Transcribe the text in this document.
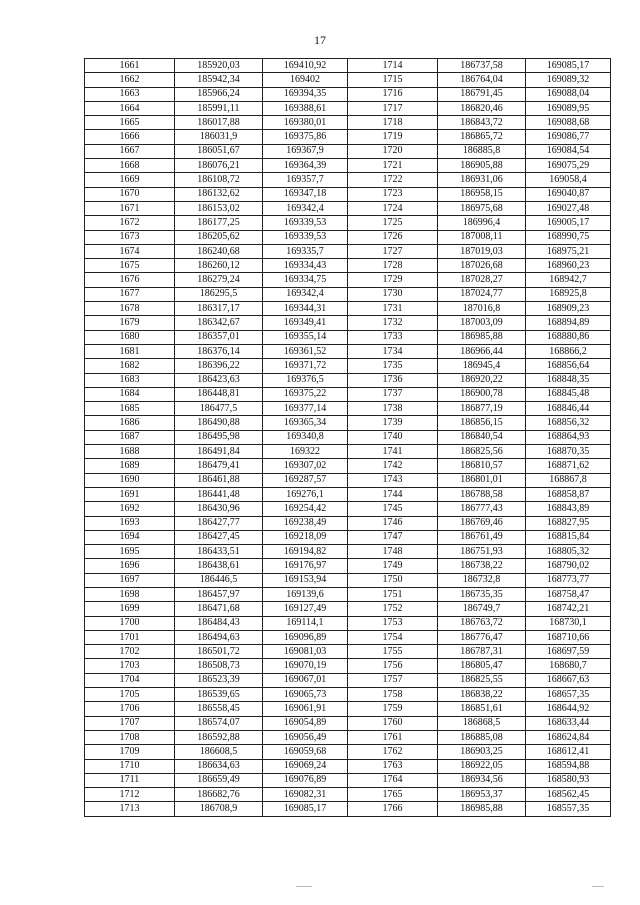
17
1661	185920,03	169410,92	1714	186737,58	169085,17
1662	185942,34	169402	1715	186764,04	169089,32
1663	185966,24	169394,35	1716	186791,45	169088,04
1664	185991,11	169388,61	1717	186820,46	169089,95
1665	186017,88	169380,01	1718	186843,72	169088,68
1666	186031,9	169375,86	1719	186865,72	169086,77
1667	186051,67	169367,9	1720	186885,8	169084,54
1668	186076,21	169364,39	1721	186905,88	169075,29
1669	186108,72	169357,7	1722	186931,06	169058,4
1670	186132,62	169347,18	1723	186958,15	169040,87
1671	186153,02	169342,4	1724	186975,68	169027,48
1672	186177,25	169339,53	1725	186996,4	169005,17
1673	186205,62	169339,53	1726	187008,11	168990,75
1674	186240,68	169335,7	1727	187019,03	168975,21
1675	186260,12	169334,43	1728	187026,68	168960,23
1676	186279,24	169334,75	1729	187028,27	168942,7
1677	186295,5	169342,4	1730	187024,77	168925,8
1678	186317,17	169344,31	1731	187016,8	168909,23
1679	186342,67	169349,41	1732	187003,09	168894,89
1680	186357,01	169355,14	1733	186985,88	168880,86
1681	186376,14	169361,52	1734	186966,44	168866,2
1682	186396,22	169371,72	1735	186945,4	168856,64
1683	186423,63	169376,5	1736	186920,22	168848,35
1684	186448,81	169375,22	1737	186900,78	168845,48
1685	186477,5	169377,14	1738	186877,19	168846,44
1686	186490,88	169365,34	1739	186856,15	168856,32
1687	186495,98	169340,8	1740	186840,54	168864,93
1688	186491,84	169322	1741	186825,56	168870,35
1689	186479,41	169307,02	1742	186810,57	168871,62
1690	186461,88	169287,57	1743	186801,01	168867,8
1691	186441,48	169276,1	1744	186788,58	168858,87
1692	186430,96	169254,42	1745	186777,43	168843,89
1693	186427,77	169238,49	1746	186769,46	168827,95
1694	186427,45	169218,09	1747	186761,49	168815,84
1695	186433,51	169194,82	1748	186751,93	168805,32
1696	186438,61	169176,97	1749	186738,22	168790,02
1697	186446,5	169153,94	1750	186732,8	168773,77
1698	186457,97	169139,6	1751	186735,35	168758,47
1699	186471,68	169127,49	1752	186749,7	168742,21
1700	186484,43	169114,1	1753	186763,72	168730,1
1701	186494,63	169096,89	1754	186776,47	168710,66
1702	186501,72	169081,03	1755	186787,31	168697,59
1703	186508,73	169070,19	1756	186805,47	168680,7
1704	186523,39	169067,01	1757	186825,55	168667,63
1705	186539,65	169065,73	1758	186838,22	168657,35
1706	186558,45	169061,91	1759	186851,61	168644,92
1707	186574,07	169054,89	1760	186868,5	168633,44
1708	186592,88	169056,49	1761	186885,08	168624,84
1709	186608,5	169059,68	1762	186903,25	168612,41
1710	186634,63	169069,24	1763	186922,05	168594,88
1711	186659,49	169076,89	1764	186934,56	168580,93
1712	186682,76	169082,31	1765	186953,37	168562,45
1713	186708,9	169085,17	1766	186985,88	168557,35
